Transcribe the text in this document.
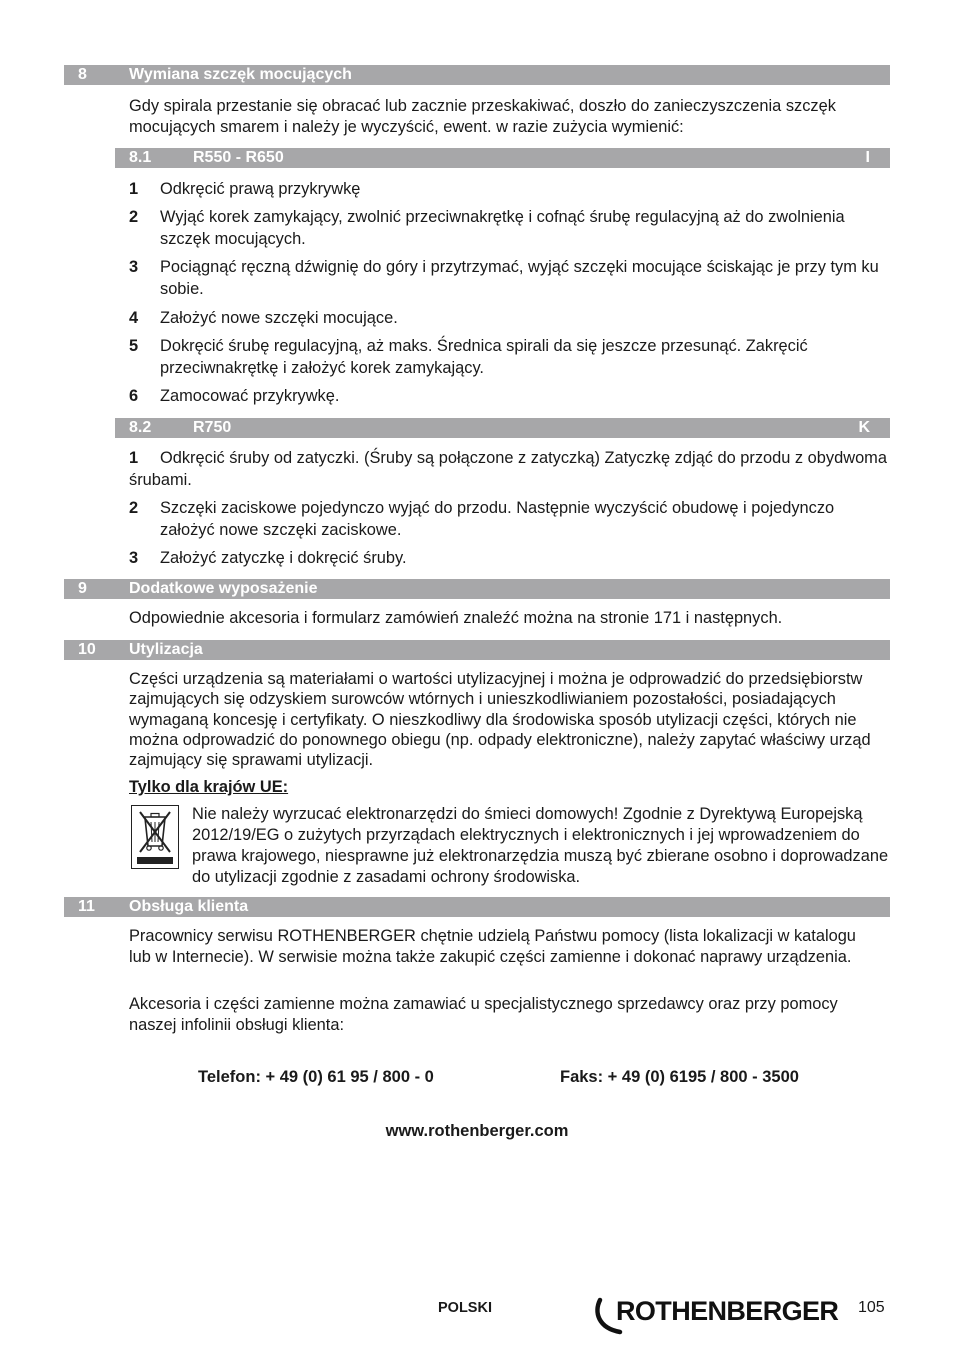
8	Wymiana szczęk mocujących

Gdy spirala przestanie się obracać lub zacznie przeskakiwać, doszło do zanieczyszczenia szczęk mocujących smarem i należy je wyczyścić, ewent. w razie zużycia wymienić:

8.1	R550 - R650	I
1 Odkręcić prawą przykrywkę
2 Wyjąć korek zamykający, zwolnić przeciwnakrętkę i cofnąć śrubę regulacyjną aż do zwolnienia szczęk mocujących.
3 Pociągnąć ręczną dźwignię do góry i przytrzymać, wyjąć szczęki mocujące ściskając je przy tym ku sobie.
4 Założyć nowe szczęki mocujące.
5 Dokręcić śrubę regulacyjną, aż maks. Średnica spirali da się jeszcze przesunąć. Zakręcić przeciwnakrętkę i założyć korek zamykający.
6 Zamocować przykrywkę.
8.2	R750	K
1	Odkręcić śruby od zatyczki. (Śruby są połączone z zatyczką) Zatyczkę zdjąć do przodu z obydwoma śrubami.
2 Szczęki zaciskowe pojedynczo wyjąć do przodu. Następnie wyczyścić obudowę i pojedynczo założyć nowe szczęki zaciskowe.
3 Założyć zatyczkę i dokręcić śruby.
9	Dodatkowe wyposażenie

Odpowiednie akcesoria i formularz zamówień znaleźć można na stronie 171 i następnych.

10 Utylizacja

Części urządzenia są materiałami o wartości utylizacyjnej i można je odprowadzić do przedsiębiorstw zajmujących się odzyskiem surowców wtórnych i unieszkodliwianiem pozostałości, posiadających wymaganą koncesję i certyfikaty. O nieszkodliwy dla środowiska sposób utylizacji części, których nie można odprowadzić do ponownego obiegu (np. odpady elektroniczne), należy zapytać właściwy urząd zajmujący się sprawami utylizacji.

Tylko dla krajów UE:
Nie należy wyrzucać elektronarzędzi do śmieci domowych! Zgodnie z Dyrektywą Europejską 2012/19/EG o zużytych przyrządach elektrycznych i elektronicznych i jej wprowadzeniem do prawa krajowego, niesprawne już elektronarzędzia muszą być zbierane osobno i doprowadzane do utylizacji zgodnie z zasadami ochrony środowiska.
11 Obsługa klienta

Pracownicy serwisu ROTHENBERGER chętnie udzielą Państwu pomocy (lista lokalizacji w katalogu lub w Internecie). W serwisie można także zakupić części zamienne i dokonać naprawy urządzenia.

Akcesoria i części zamienne można zamawiać u specjalistycznego sprzedawcy oraz przy pomocy naszej infolinii obsługi klienta:

Telefon: + 49 (0) 61 95 / 800 - 0	Faks: + 49 (0) 6195 / 800 - 3500
www.rothenberger.com
POLSKI	ROTHENBERGER 105
